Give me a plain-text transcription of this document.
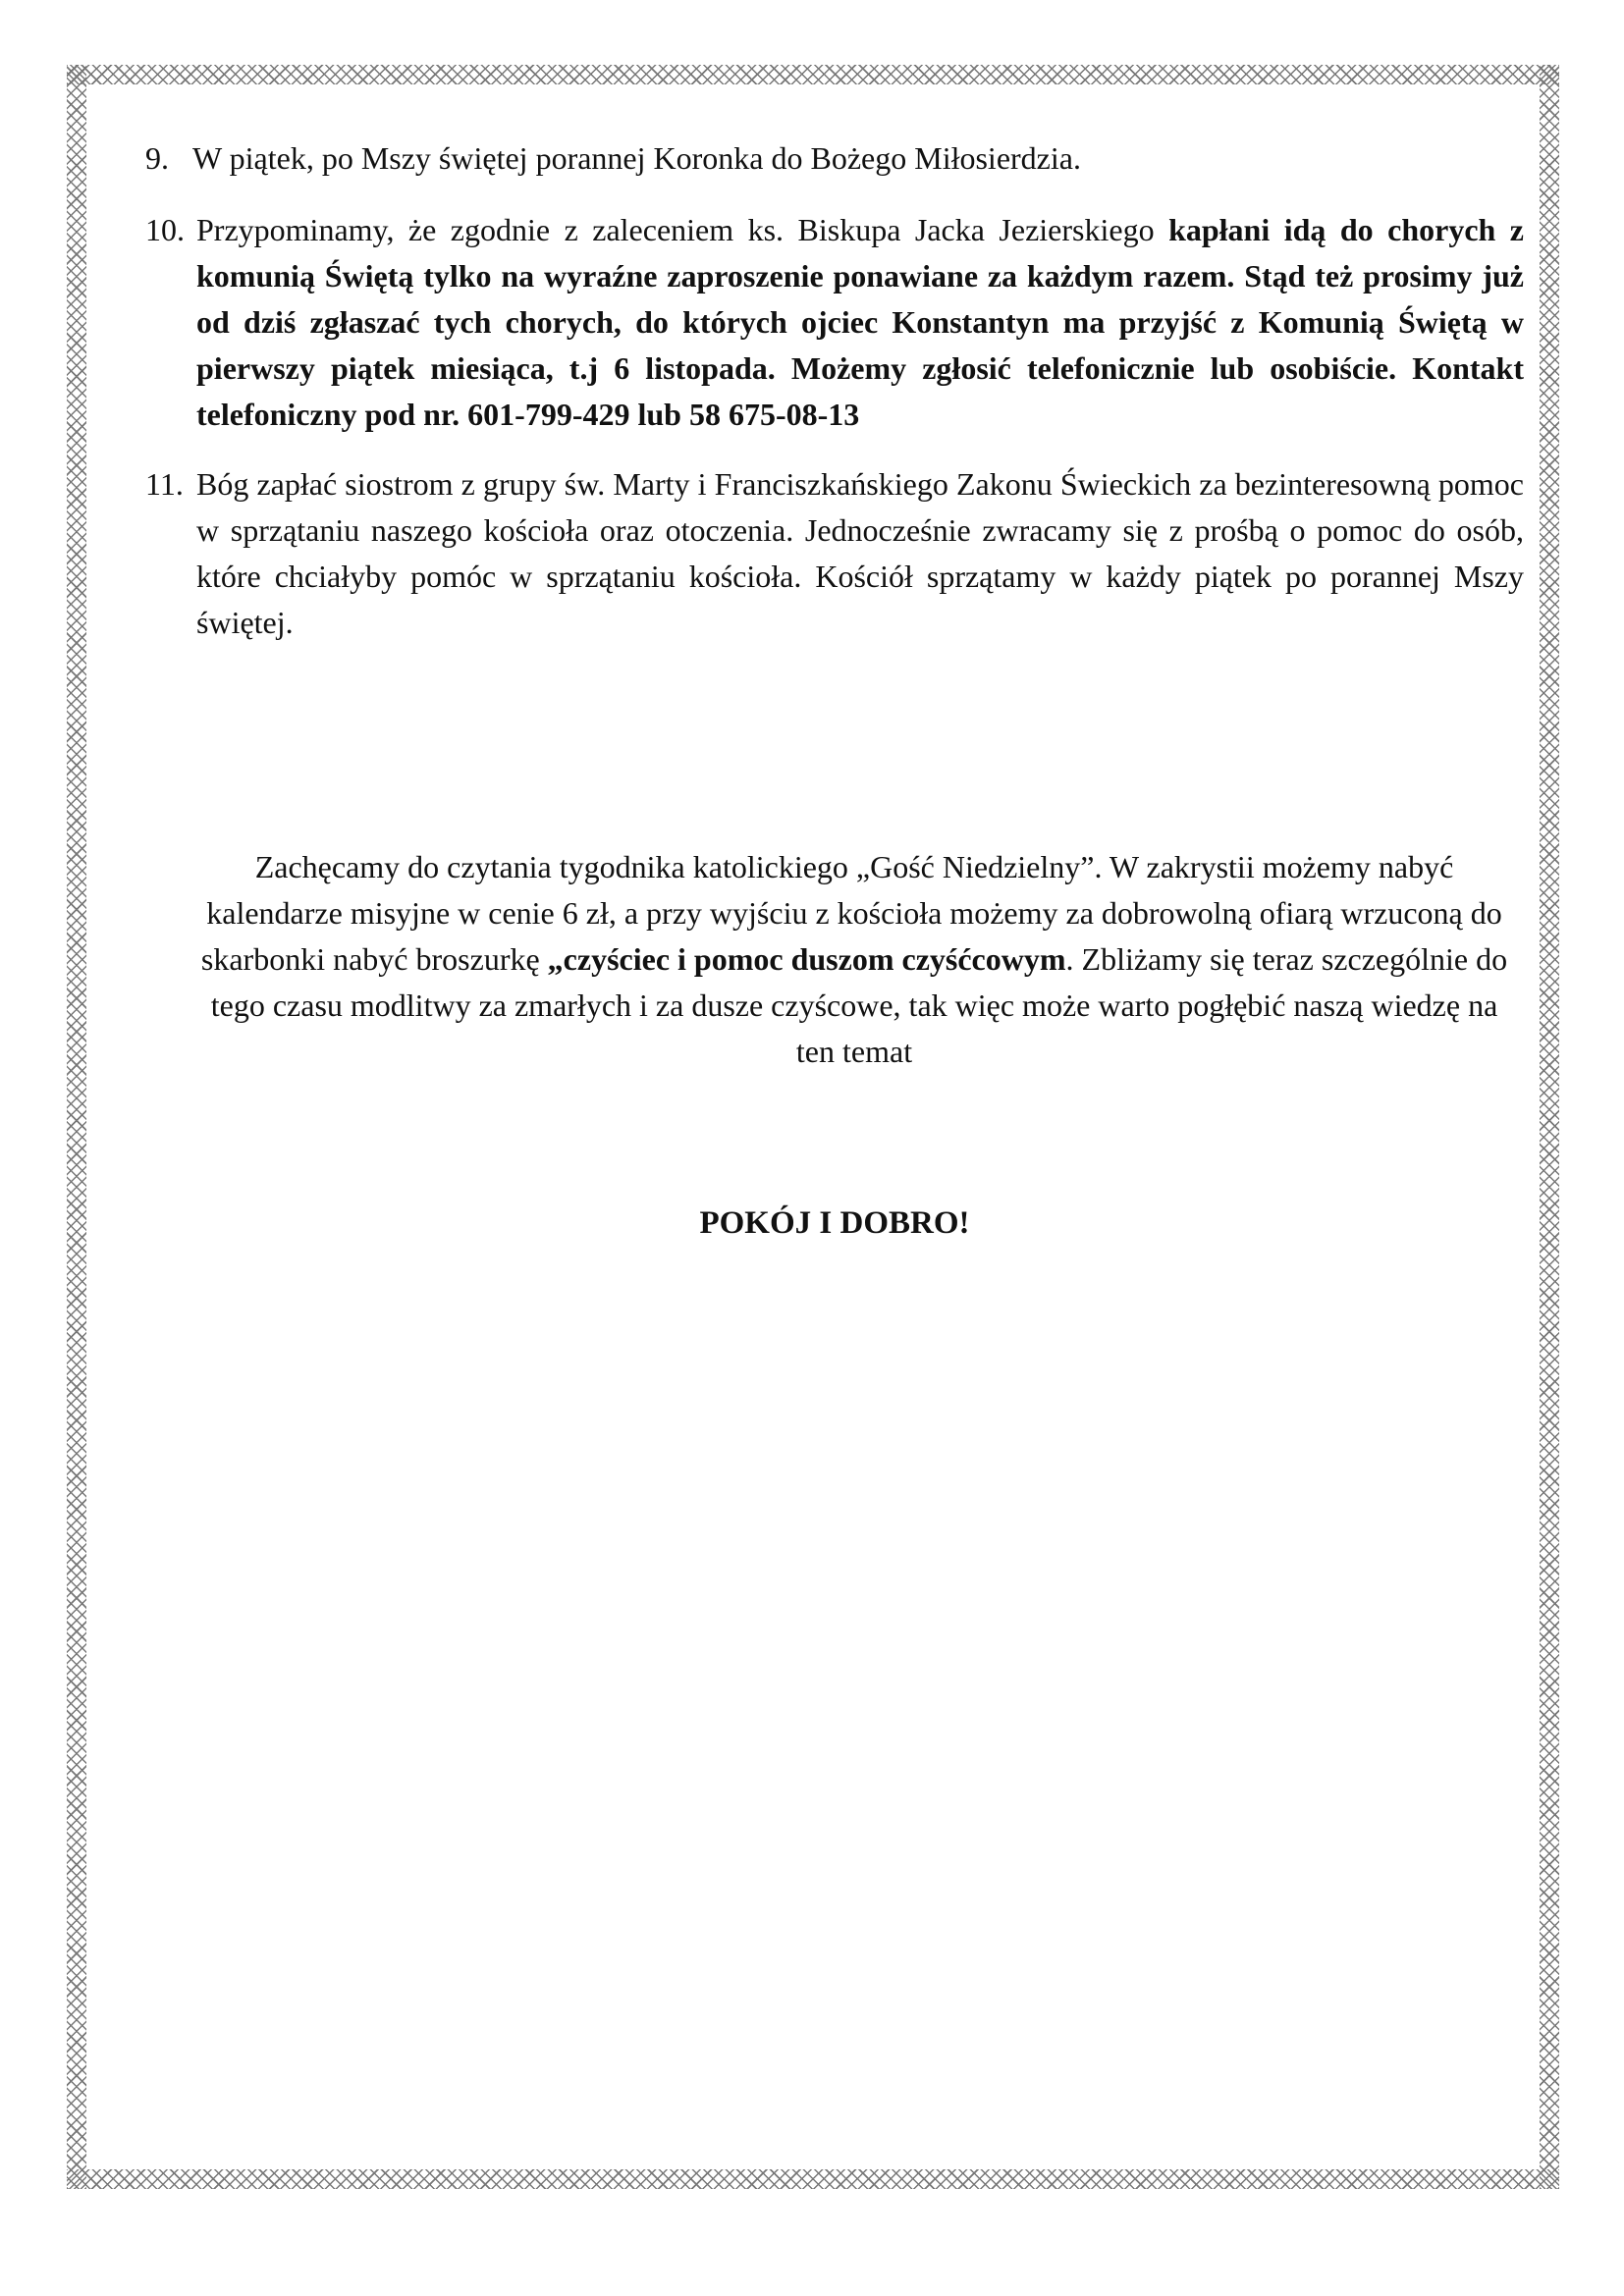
9. W piątek, po Mszy świętej porannej Koronka do Bożego Miłosierdzia.

10. Przypominamy, że zgodnie z zaleceniem ks. Biskupa Jacka Jezierskiego kapłani idą do chorych z komunią Świętą tylko na wyraźne zaproszenie ponawiane za każdym razem. Stąd też prosimy już od dziś zgłaszać tych chorych, do których ojciec Konstantyn ma przyjść z Komunią Świętą w pierwszy piątek miesiąca, t.j 6 listopada. Możemy zgłosić telefonicznie lub osobiście. Kontakt telefoniczny pod nr. 601-799-429 lub 58 675-08-13

11. Bóg zapłać siostrom z grupy św. Marty i Franciszkańskiego Zakonu Świeckich za bezinteresowną pomoc w sprzątaniu naszego kościoła oraz otoczenia. Jednocześnie zwracamy się z prośbą o pomoc do osób, które chciałyby pomóc w sprzątaniu kościoła. Kościół sprzątamy w każdy piątek po porannej Mszy świętej.

Zachęcamy do czytania tygodnika katolickiego „Gość Niedzielny”. W zakrystii możemy nabyć kalendarze misyjne w cenie 6 zł, a przy wyjściu z kościoła możemy za dobrowolną ofiarą wrzuconą do skarbonki nabyć broszurkę „czyściec i pomoc duszom czyśćcowym. Zbliżamy się teraz szczególnie do tego czasu modlitwy za zmarłych i za dusze czyścowe, tak więc może warto pogłębić naszą wiedzę na ten temat
POKÓJ I DOBRO!
